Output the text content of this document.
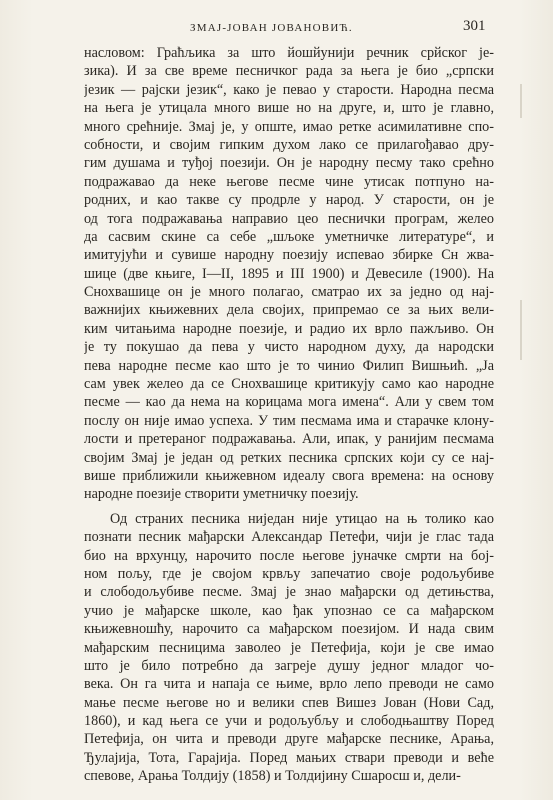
ЗМАЈ-ЈОВАН ЈОВАНОВИЋ.	301
насловом: Граћљика за што йошйунији речник срйског је-
зика). И за све време песничког рада за њега је био „српски
језик — рајски језик“, како је певао у старости. Народна песма
на њега је утицала много више но на друге, и, што је главно,
много срећније. Змај је, у опште, имао ретке асимилативне спо-
собности, и својим гипким духом лако се прилагођавао дру-
гим душама и туђој поезији. Он је народну песму тако срећно
подражавао да неке његове песме чине утисак потпуно на-
родних, и као такве су продрле у народ. У старости, он је
од тога подражавања направио цео песнички програм, желео
да сасвим скине са себе „шљоке уметничке литературе“, и
имитујући и сувише народну поезију испевао збирке Сн жва-
шице (две књиге, I—II, 1895 и III 1900) и Девесиле (1900). На
Снохвашице он је много полагао, сматрао их за једно од нај-
важнијих књижевних дела својих, припремао се за њих вели-
ким читањима народне поезије, и радио их врло пажљиво. Он
је ту покушао да пева у чисто народном духу, да народски
пева народне песме као што је то чинио Филип Вишњић. „Ја
сам увек желео да се Снохвашице критикују само као народне
песме — као да нема на корицама мога имена“. Али у свем том
послу он није имао успеха. У тим песмама има и старачке клону-
лости и претераног подражавања. Али, ипак, у ранијим песмама
својим Змај је један од ретких песника српских који су се нај-
више приближили књижевном идеалу свога времена: на основу
народне поезије створити уметничку поезију.
Од страних песника ниједан није утицао на њ толико као
познати песник мађарски Александар Петефи, чији је глас тада
био на врхунцу, нарочито после његове јуначке смрти на бој-
ном пољу, где је својом крвљу запечатио своје родољубиве
и слободољубиве песме. Змај је знао мађарски од детињства,
учио је мађарске школе, као ђак упознао се са мађарском
књижевношћу, нарочито са мађарском поезијом. И нада свим
мађарским песницима заволео је Петефија, који је све имао
што је било потребно да загреје душу једног младог чо-
века. Он га чита и напаја се њиме, врло лепо преводи не само
мање песме његове но и велики спев Вишез Јован (Нови Сад,
1860), и кад њега се учи и родољубљу и слободњаштву Поред
Петефија, он чита и преводи друге мађарске песнике, Арања,
Ђулајија, Тота, Гарајија. Поред мањих ствари преводи и веће
спевове, Арања Толдију (1858) и Толдијину Сшаросш и, дели-
